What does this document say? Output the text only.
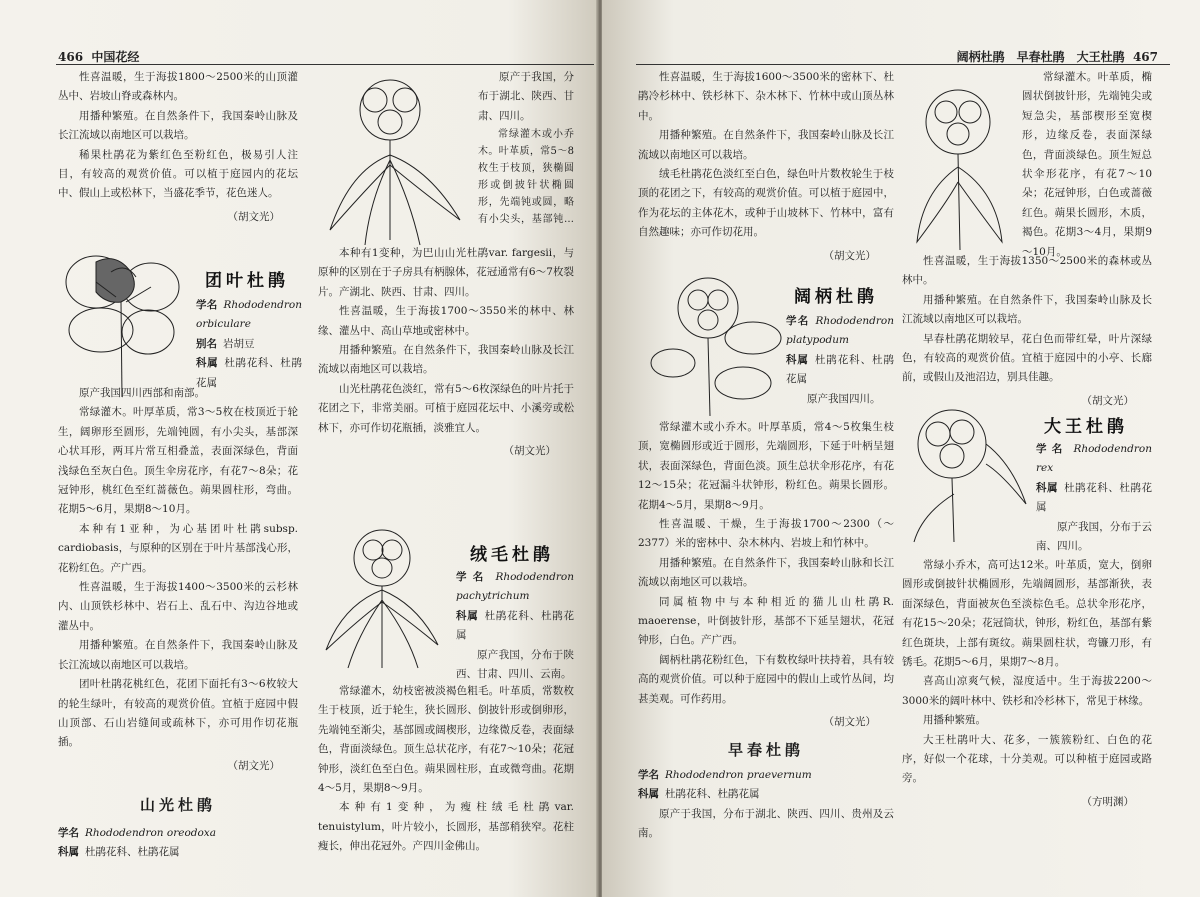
466 中国花经

性喜温暖，生于海拔1800～2500米的山顶灌丛中、岩坡山脊或森林内。

用播种繁殖。在自然条件下，我国秦岭山脉及长江流域以南地区可以栽培。

稀果杜鹃花为紫红色至粉红色，极易引人注目，有较高的观赏价值。可以植于庭园内的花坛中、假山上或松林下，当盛花季节，花色迷人。

（胡文光）

团叶杜鹃

学名 Rhododendron orbiculare

别名 岩胡豆

科属 杜鹃花科、杜鹃花属

原产我国四川西部和南部。

常绿灌木。叶厚革质，常3～5枚在枝顶近于轮生，阔卵形至圆形，先端钝圆，有小尖头，基部深心状耳形，两耳片常互相叠盖，表面深绿色，背面浅绿色至灰白色。顶生伞房花序，有花7～8朵；花冠钟形，桃红色至红蔷薇色。蒴果圆柱形，弯曲。花期5～6月，果期8～10月。

本种有1亚种，为心基团叶杜鹃subsp. cardiobasis，与原种的区别在于叶片基部浅心形，花粉红色。产广西。

性喜温暖，生于海拔1400～3500米的云杉林内、山顶铁杉林中、岩石上、乱石中、沟边谷地或灌丛中。

用播种繁殖。在自然条件下，我国秦岭山脉及长江流域以南地区可以栽培。

团叶杜鹃花桃红色，花团下面托有3～6枚较大的轮生绿叶，有较高的观赏价值。宜植于庭园中假山顶部、石山岩缝间或疏林下，亦可用作切花瓶插。

（胡文光）

山光杜鹃

学名 Rhododendron oreodoxa

科属 杜鹃花科、杜鹃花属

原产于我国，分布于湖北、陕西、甘肃、四川。

本种有1变种，为巴山山光杜鹃var. fargesii，与原种的区别在于子房具有柄腺体，花冠通常有6～7枚裂片。产湖北、陕西、甘肃、四川。

性喜温暖，生于海拔1700～3550米的林中、林缘、灌丛中、高山草地或密林中。

用播种繁殖。在自然条件下，我国秦岭山脉及长江流域以南地区可以栽培。

山光杜鹃花色淡红，常有5～6枚深绿色的叶片托于花团之下，非常美丽。可植于庭园花坛中、小溪旁或松林下，亦可作切花瓶插，淡雅宜人。

（胡文光）

常绿灌木或小乔木。叶革质，常5～8枚生于枝顶，狭椭圆形或倒披针状椭圆形，先端钝或圆，略有小尖头，基部钝至

绒毛杜鹃

学名 Rhododendron pachytrichum

科属 杜鹃花科、杜鹃花属

原产我国，分布于陕西、甘肃、四川、云南。

常绿灌木，幼枝密被淡褐色粗毛。叶革质，常数枚生于枝顶，近于轮生，狭长圆形、倒披针形或倒卵形，先端钝至渐尖，基部圆或阔楔形，边缘微反卷，表面绿色，背面淡绿色。顶生总状花序，有花7～10朵；花冠钟形，淡红色至白色。蒴果圆柱形，直或微弯曲。花期4～5月，果期8～9月。

本种有1变种，为瘦柱绒毛杜鹃var. tenuistylum，叶片较小，长圆形，基部稍狭窄。花柱瘦长，伸出花冠外。产四川金佛山。

阔柄杜鹃　早春杜鹃　大王杜鹃 467

性喜温暖，生于海拔1600～3500米的密林下、杜鹃冷杉林中、铁杉林下、杂木林下、竹林中或山顶丛林中。

用播种繁殖。在自然条件下，我国秦岭山脉及长江流域以南地区可以栽培。

绒毛杜鹃花色淡红至白色，绿色叶片数枚轮生于枝顶的花团之下，有较高的观赏价值。可以植于庭园中，作为花坛的主体花木，或种于山坡林下、竹林中，富有自然趣味；亦可作切花用。

（胡文光）

阔柄杜鹃

学名 Rhododendron platypodum

科属 杜鹃花科、杜鹃花属

原产我国四川。

常绿灌木或小乔木。叶厚革质，常4～5枚集生枝顶，宽椭圆形或近于圆形，先端圆形，下延于叶柄呈翅状，表面深绿色，背面色淡。顶生总状伞形花序，有花12～15朵；花冠漏斗状钟形，粉红色。蒴果长圆形。花期4～5月，果期8～9月。

性喜温暖、干燥，生于海拔1700～2300（～2377）米的密林中、杂木林内、岩坡上和竹林中。

用播种繁殖。在自然条件下，我国秦岭山脉和长江流域以南地区可以栽培。

同属植物中与本种相近的猫儿山杜鹃R. maoerense，叶倒披针形，基部不下延呈翅状，花冠钟形，白色。产广西。

阔柄杜鹃花粉红色，下有数枚绿叶扶持着，具有较高的观赏价值。可以种于庭园中的假山上或竹丛间，均甚美观。可作药用。

（胡文光）

早春杜鹃

学名 Rhododendron praevernum

科属 杜鹃花科、杜鹃花属

原产于我国，分布于湖北、陕西、四川、贵州及云南。

常绿灌木。叶革质，椭圆状倒披针形，先端钝尖或短急尖，基部楔形至宽楔形，边缘反卷，表面深绿色，背面淡绿色。顶生短总状伞形花序，有花7～10朵；花冠钟形，白色或蔷薇红色。蒴果长圆形，木质，褐色。花期3～4月，果期9～10月。

性喜温暖，生于海拔1350～2500米的森林或丛林中。

用播种繁殖。在自然条件下，我国秦岭山脉及长江流域以南地区可以栽培。

早春杜鹃花期较早，花白色而带红晕，叶片深绿色，有较高的观赏价值。宜植于庭园中的小亭、长廊前，或假山及池沼边，别具佳趣。

（胡文光）

大王杜鹃

学名 Rhododendron rex

科属 杜鹃花科、杜鹃花属

原产我国，分布于云南、四川。

常绿小乔木，高可达12米。叶革质，宽大，倒卵圆形或倒披针状椭圆形，先端阔圆形，基部渐狭，表面深绿色，背面被灰色至淡棕色毛。总状伞形花序，有花15～20朵；花冠筒状，钟形，粉红色，基部有紫红色斑块，上部有斑纹。蒴果圆柱状，弯镰刀形，有锈毛。花期5～6月，果期7～8月。

喜高山凉爽气候，湿度适中。生于海拔2200～3000米的阔叶林中、铁杉和冷杉林下，常见于林缘。

用播种繁殖。

大王杜鹃叶大、花多，一簇簇粉红、白色的花序，好似一个花球，十分美观。可以种植于庭园或路旁。

（方明渊）
